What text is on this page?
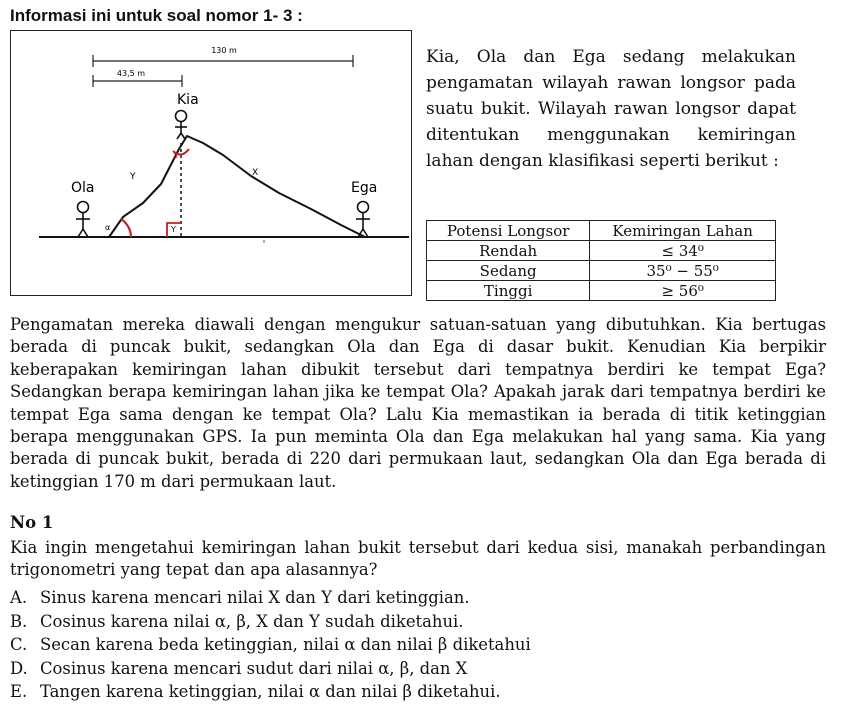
Informasi ini untuk soal nomor 1- 3 :
130 m
43,5 m
Kia
Ola	Ega
X
Y
Y
α
β

Kia, Ola dan Ega sedang melakukan pengamatan wilayah rawan longsor pada suatu bukit. Wilayah rawan longsor dapat ditentukan menggunakan kemiringan lahan dengan klasifikasi seperti berikut :

Potensi Longsor	Kemiringan Lahan
Rendah	≤ 34⁰
Sedang	35⁰ − 55⁰
Tinggi	≥ 56⁰

Pengamatan mereka diawali dengan mengukur satuan-satuan yang dibutuhkan. Kia bertugas berada di puncak bukit, sedangkan Ola dan Ega di dasar bukit. Kenudian Kia berpikir keberapakan kemiringan lahan dibukit tersebut dari tempatnya berdiri ke tempat Ega? Sedangkan berapa kemiringan lahan jika ke tempat Ola? Apakah jarak dari tempatnya berdiri ke tempat Ega sama dengan ke tempat Ola? Lalu Kia memastikan ia berada di titik ketinggian berapa menggunakan GPS. Ia pun meminta Ola dan Ega melakukan hal yang sama. Kia yang berada di puncak bukit, berada di 220 dari permukaan laut, sedangkan Ola dan Ega berada di ketinggian 170 m dari permukaan laut.

No 1

Kia ingin mengetahui kemiringan lahan bukit tersebut dari kedua sisi, manakah perbandingan trigonometri yang tepat dan apa alasannya?

A. Sinus karena mencari nilai X dan Y dari ketinggian.
B. Cosinus karena nilai α, β, X dan Y sudah diketahui.
C. Secan karena beda ketinggian, nilai α dan nilai β diketahui
D. Cosinus karena mencari sudut dari nilai α, β, dan X
E. Tangen karena ketinggian, nilai α dan nilai β diketahui.
